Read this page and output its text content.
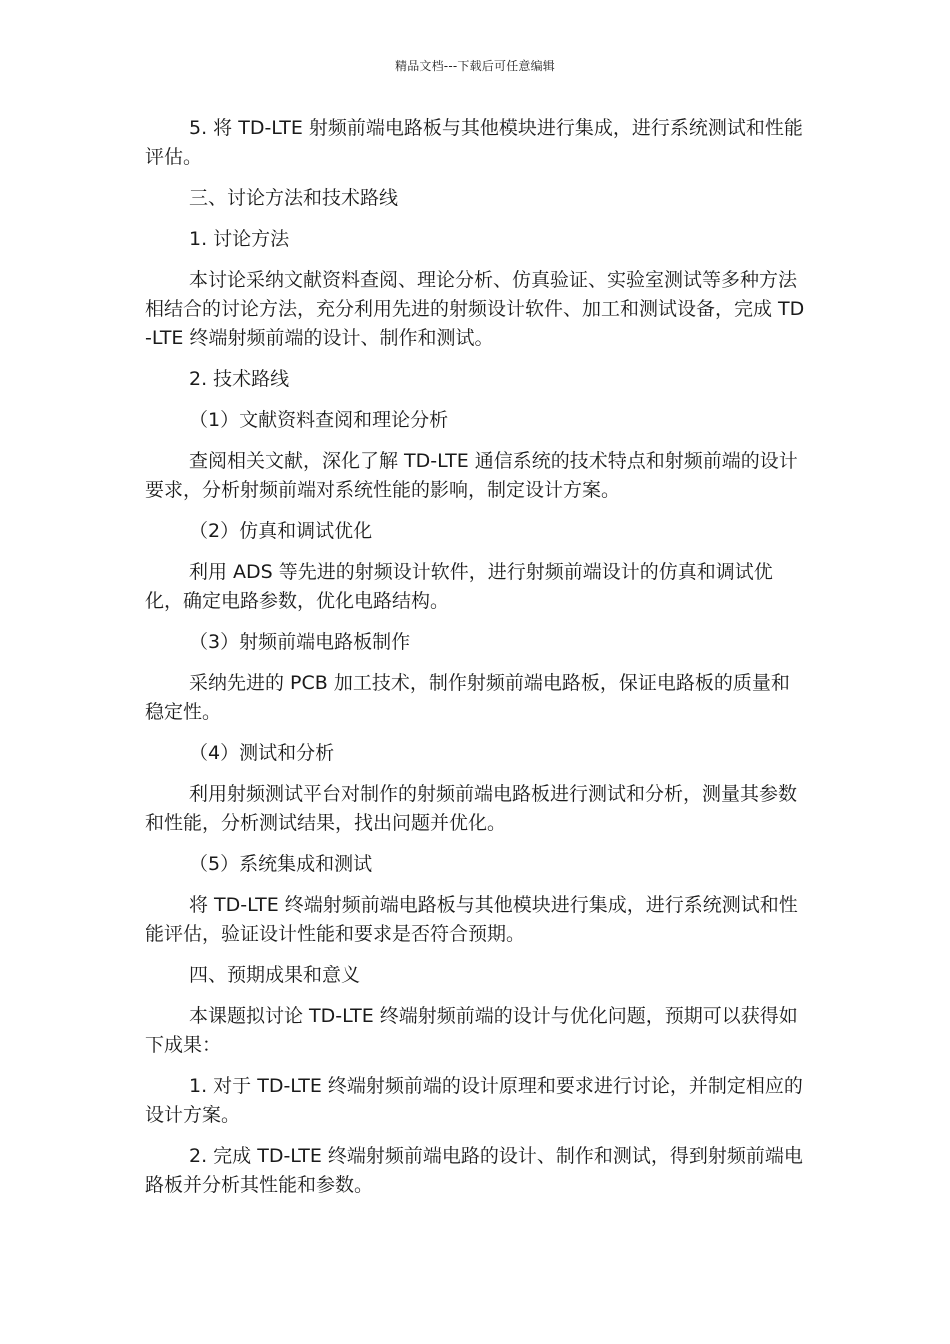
精品文档---下载后可任意编辑

5. 将 TD-LTE 射频前端电路板与其他模块进行集成，进行系统测试和性能评估。

三、讨论方法和技术路线

1. 讨论方法

本讨论采纳文献资料查阅、理论分析、仿真验证、实验室测试等多种方法相结合的讨论方法，充分利用先进的射频设计软件、加工和测试设备，完成 TD-LTE 终端射频前端的设计、制作和测试。

2. 技术路线

（1）文献资料查阅和理论分析

查阅相关文献，深化了解 TD-LTE 通信系统的技术特点和射频前端的设计要求，分析射频前端对系统性能的影响，制定设计方案。

（2）仿真和调试优化

利用 ADS 等先进的射频设计软件，进行射频前端设计的仿真和调试优化，确定电路参数，优化电路结构。

（3）射频前端电路板制作

采纳先进的 PCB 加工技术，制作射频前端电路板，保证电路板的质量和稳定性。

（4）测试和分析

利用射频测试平台对制作的射频前端电路板进行测试和分析，测量其参数和性能，分析测试结果，找出问题并优化。

（5）系统集成和测试

将 TD-LTE 终端射频前端电路板与其他模块进行集成，进行系统测试和性能评估，验证设计性能和要求是否符合预期。

四、预期成果和意义

本课题拟讨论 TD-LTE 终端射频前端的设计与优化问题，预期可以获得如下成果：

1. 对于 TD-LTE 终端射频前端的设计原理和要求进行讨论，并制定相应的设计方案。

2. 完成 TD-LTE 终端射频前端电路的设计、制作和测试，得到射频前端电路板并分析其性能和参数。
